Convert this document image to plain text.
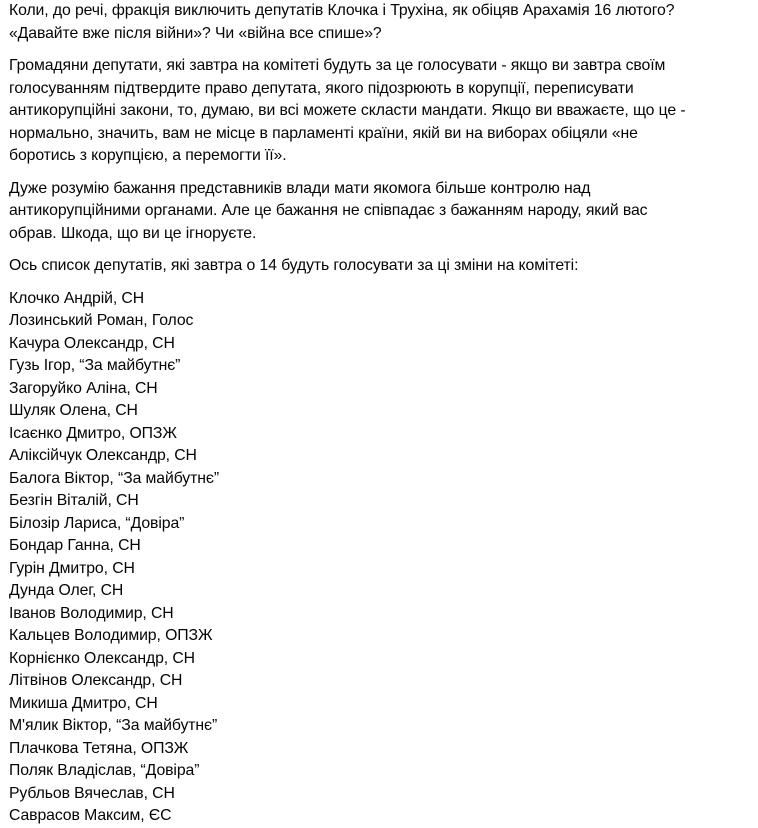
Коли, до речі, фракція виключить депутатів Клочка і Трухіна, як обіцяв Арахамія 16 лютого?
«Давайте вже після війни»? Чи «війна все спише»?

Громадяни депутати, які завтра на комітеті будуть за це голосувати - якщо ви завтра своїм
голосуванням підтвердите право депутата, якого підозрюють в корупції, переписувати
антикорупційні закони, то, думаю, ви всі можете скласти мандати. Якщо ви вважаєте, що це -
нормально, значить, вам не місце в парламенті країни, якій ви на виборах обіцяли «не
боротись з корупцією, а перемогти її».

Дуже розумію бажання представників влади мати якомога більше контролю над
антикорупційними органами. Але це бажання не співпадає з бажанням народу, який вас
обрав. Шкода, що ви це ігноруєте.

Ось список депутатів, які завтра о 14 будуть голосувати за ці зміни на комітеті:

Клочко Андрій, СН
Лозинський Роман, Голос
Качура Олександр, СН
Гузь Ігор, “За майбутнє”
Загоруйко Аліна, СН
Шуляк Олена, СН
Ісаєнко Дмитро, ОПЗЖ
Аліксійчук Олександр, СН
Балога Віктор, “За майбутнє”
Безгін Віталій, СН
Білозір Лариса, “Довіра”
Бондар Ганна, СН
Гурін Дмитро, СН
Дунда Олег, СН
Іванов Володимир, СН
Кальцев Володимир, ОПЗЖ
Корнієнко Олександр, СН
Літвінов Олександр, СН
Микиша Дмитро, СН
М'ялик Віктор, “За майбутнє”
Плачкова Тетяна, ОПЗЖ
Поляк Владіслав, “Довіра”
Рубльов Вячеслав, СН
Саврасов Максим, ЄС
